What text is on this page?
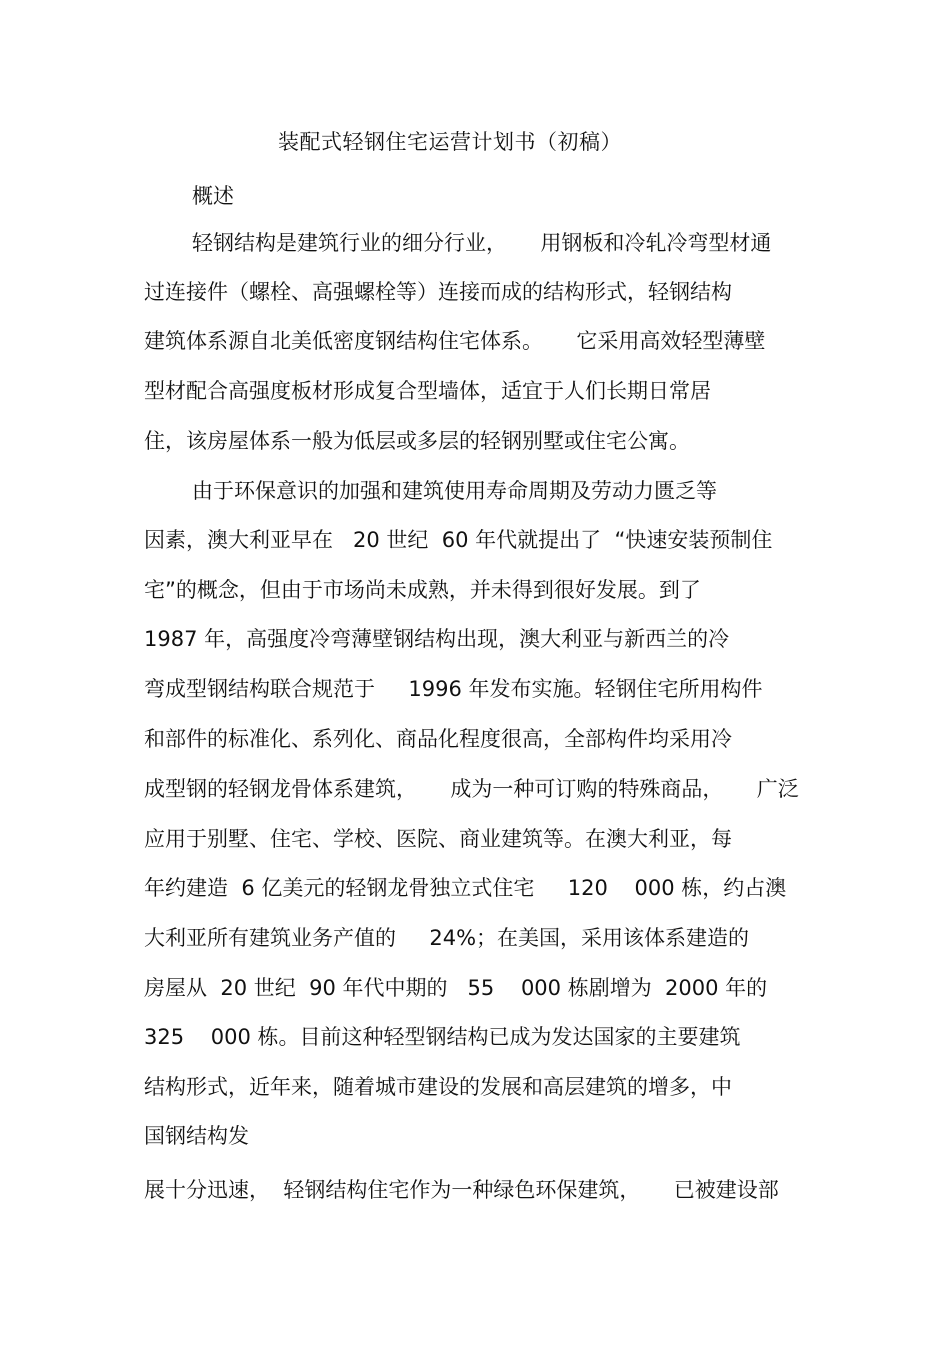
装配式轻钢住宅运营计划书（初稿）
概述
轻钢结构是建筑行业的细分行业，     用钢板和冷轧冷弯型材通
过连接件（螺栓、高强螺栓等）连接而成的结构形式，轻钢结构
建筑体系源自北美低密度钢结构住宅体系。     它采用高效轻型薄壁
型材配合高强度板材形成复合型墙体，适宜于人们长期日常居
住，该房屋体系一般为低层或多层的轻钢别墅或住宅公寓。
由于环保意识的加强和建筑使用寿命周期及劳动力匮乏等
因素，澳大利亚早在   20 世纪  60 年代就提出了  “快速安装预制住
宅”的概念，但由于市场尚未成熟，并未得到很好发展。到了
1987 年，高强度冷弯薄壁钢结构出现，澳大利亚与新西兰的冷
弯成型钢结构联合规范于     1996 年发布实施。轻钢住宅所用构件
和部件的标准化、系列化、商品化程度很高，全部构件均采用冷
成型钢的轻钢龙骨体系建筑，     成为一种可订购的特殊商品，     广泛
应用于别墅、住宅、学校、医院、商业建筑等。在澳大利亚，每
年约建造  6 亿美元的轻钢龙骨独立式住宅     120    000 栋，约占澳
大利亚所有建筑业务产值的     24%；在美国，采用该体系建造的
房屋从  20 世纪  90 年代中期的   55    000 栋剧增为  2000 年的
325    000 栋。目前这种轻型钢结构已成为发达国家的主要建筑
结构形式，近年来，随着城市建设的发展和高层建筑的增多，中
国钢结构发
展十分迅速，  轻钢结构住宅作为一种绿色环保建筑，     已被建设部
